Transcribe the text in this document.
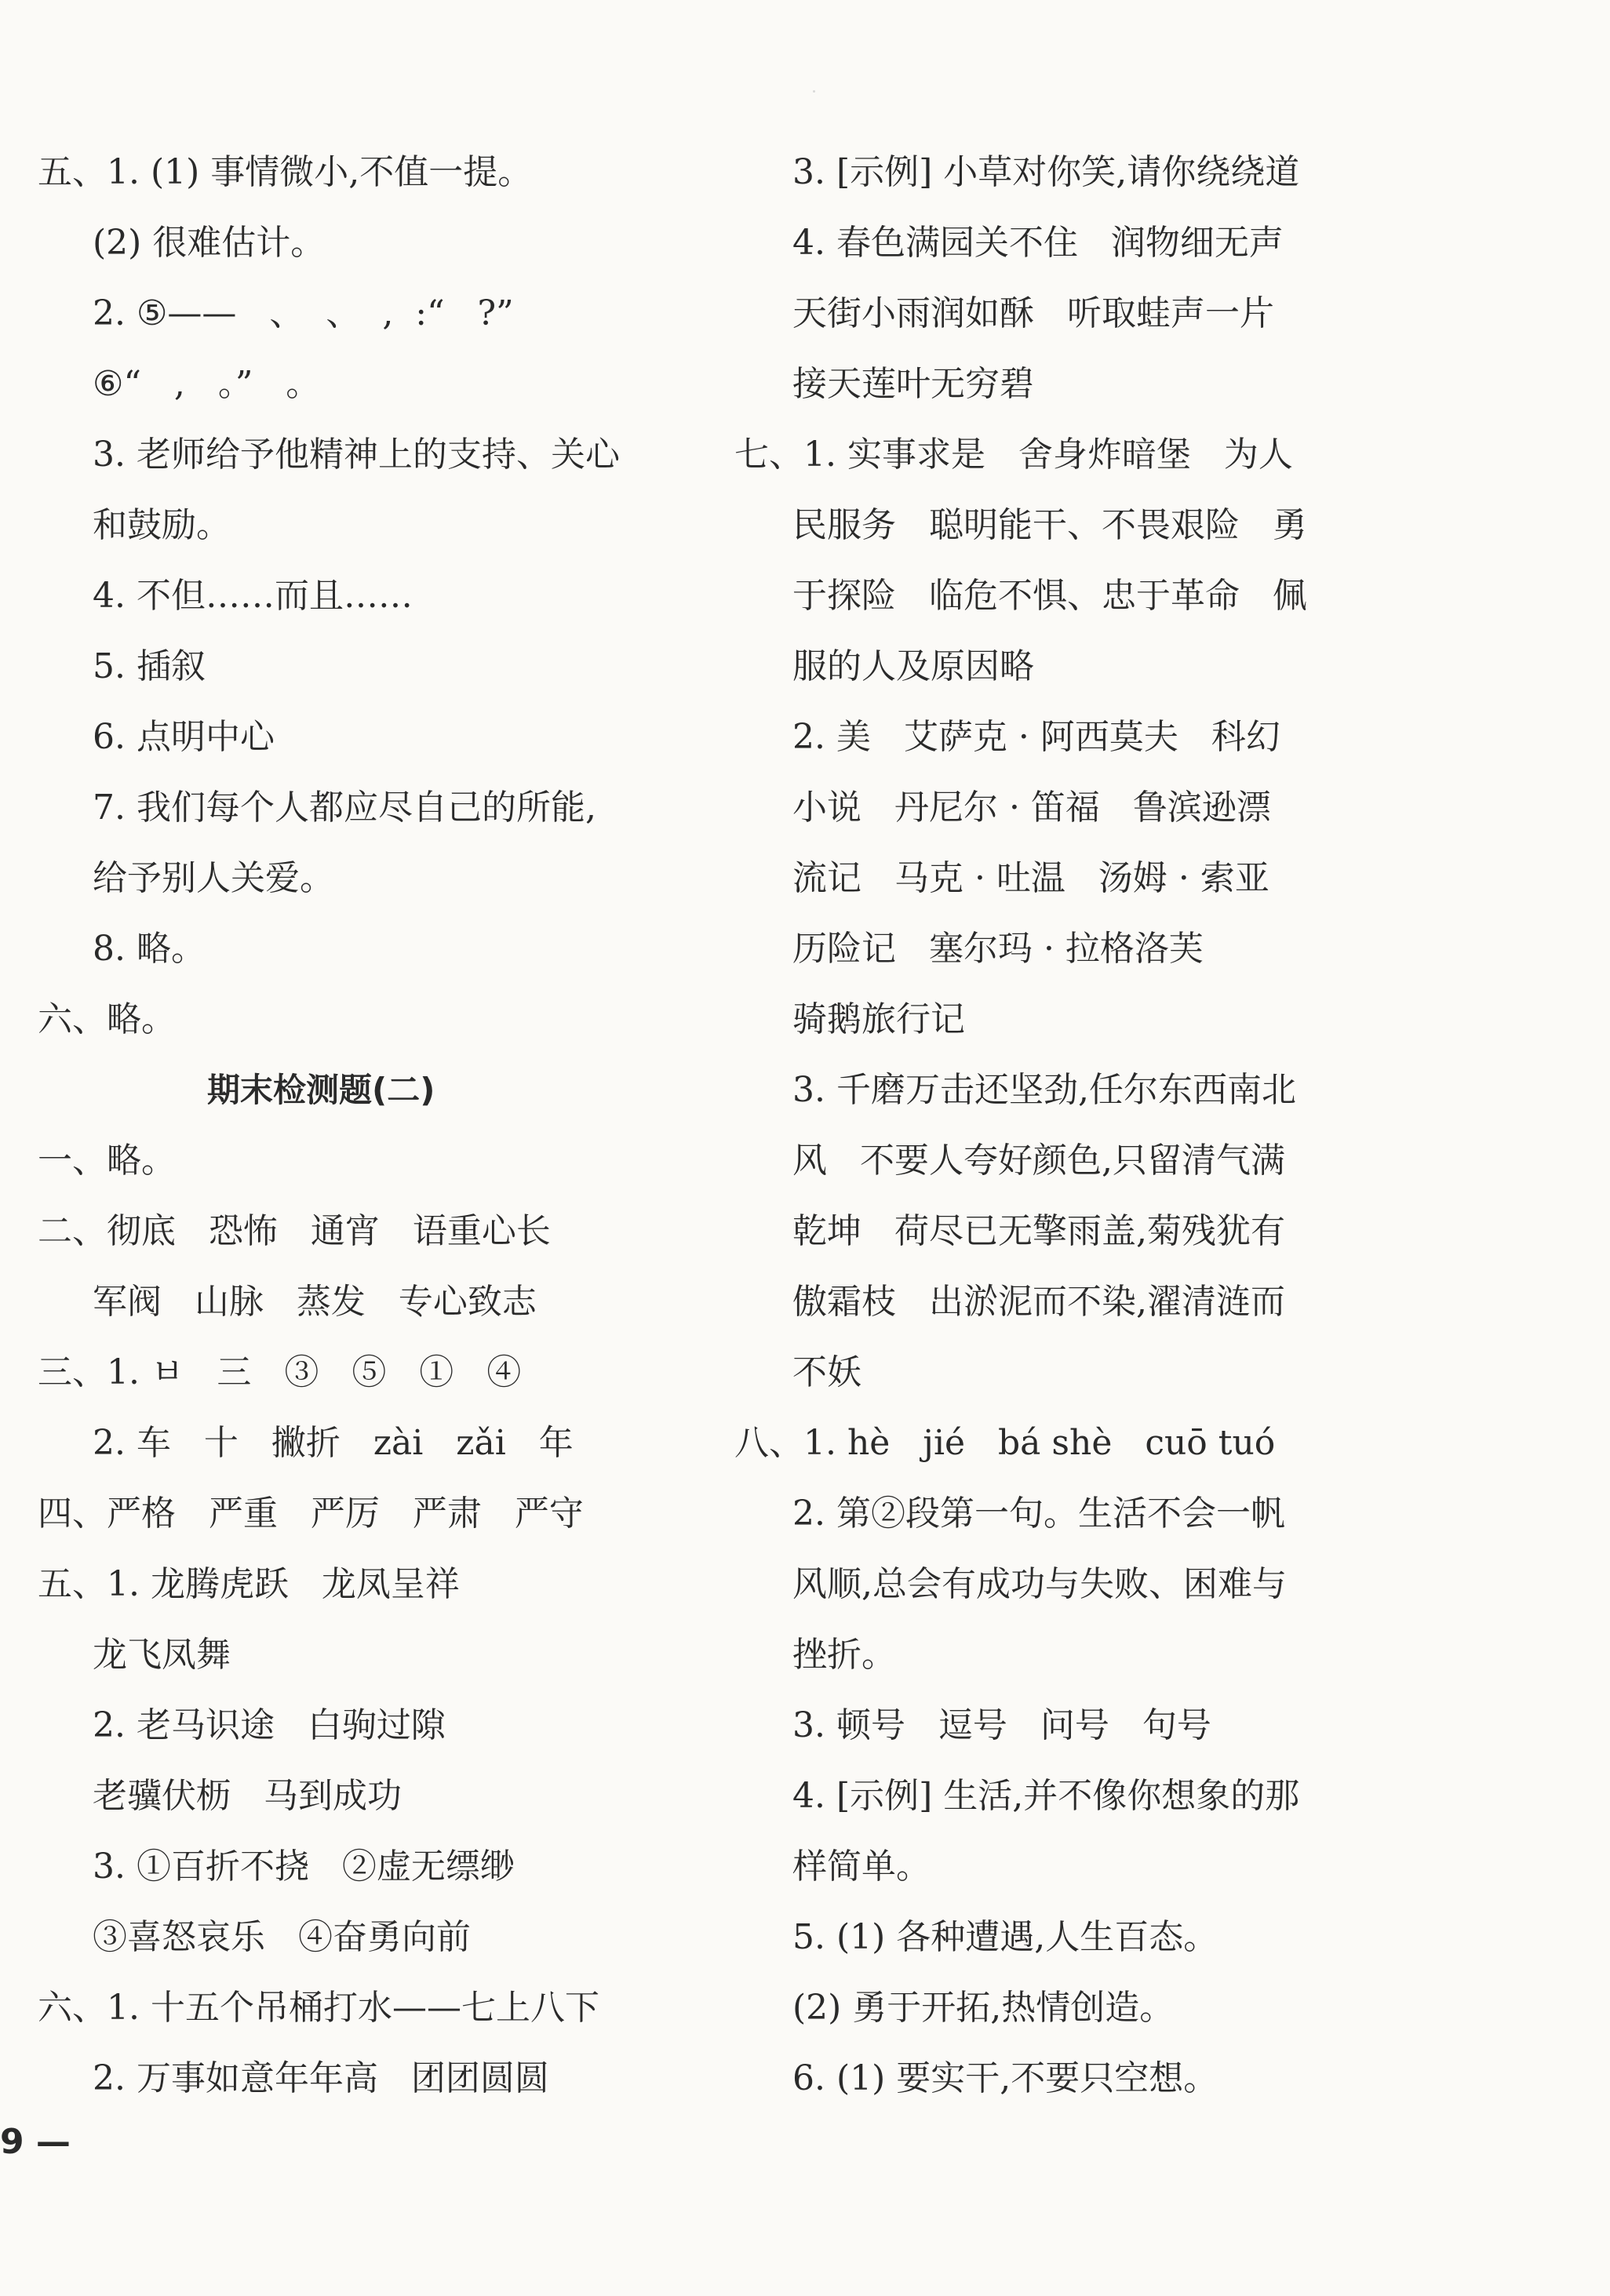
五、1. (1) 事情微小,不值一提。
(2) 很难估计。
2. ⑤——   、  、  ,  :“   ?”
⑥“   ,   。”   。
3. 老师给予他精神上的支持、关心
和鼓励。
4. 不但……而且……
5. 插叙
6. 点明中心
7. 我们每个人都应尽自己的所能,
给予别人关爱。
8. 略。
六、略。
期末检测题(二)
一、略。
二、彻底   恐怖   通宵   语重心长
军阀   山脉   蒸发   专心致志
三、1. ㅂ   三   ③   ⑤   ①   ④
2. 车   十   撇折   zài   zǎi   年
四、严格   严重   严厉   严肃   严守
五、1. 龙腾虎跃   龙凤呈祥
龙飞凤舞
2. 老马识途   白驹过隙
老骥伏枥   马到成功
3. ①百折不挠   ②虚无缥缈
③喜怒哀乐   ④奋勇向前
六、1. 十五个吊桶打水——七上八下
2. 万事如意年年高   团团圆圆
3. [示例] 小草对你笑,请你绕绕道
4. 春色满园关不住   润物细无声
天街小雨润如酥   听取蛙声一片
接天莲叶无穷碧
七、1. 实事求是   舍身炸暗堡   为人
民服务   聪明能干、不畏艰险   勇
于探险   临危不惧、忠于革命   佩
服的人及原因略
2. 美   艾萨克 · 阿西莫夫   科幻
小说   丹尼尔 · 笛福   鲁滨逊漂
流记   马克 · 吐温   汤姆 · 索亚
历险记   塞尔玛 · 拉格洛芙
骑鹅旅行记
3. 千磨万击还坚劲,任尔东西南北
风   不要人夸好颜色,只留清气满
乾坤   荷尽已无擎雨盖,菊残犹有
傲霜枝   出淤泥而不染,濯清涟而
不妖
八、1. hè   jié   bá shè   cuō tuó
2. 第②段第一句。生活不会一帆
风顺,总会有成功与失败、困难与
挫折。
3. 顿号   逗号   问号   句号
4. [示例] 生活,并不像你想象的那
样简单。
5. (1) 各种遭遇,人生百态。
(2) 勇于开拓,热情创造。
6. (1) 要实干,不要只空想。
9 —
